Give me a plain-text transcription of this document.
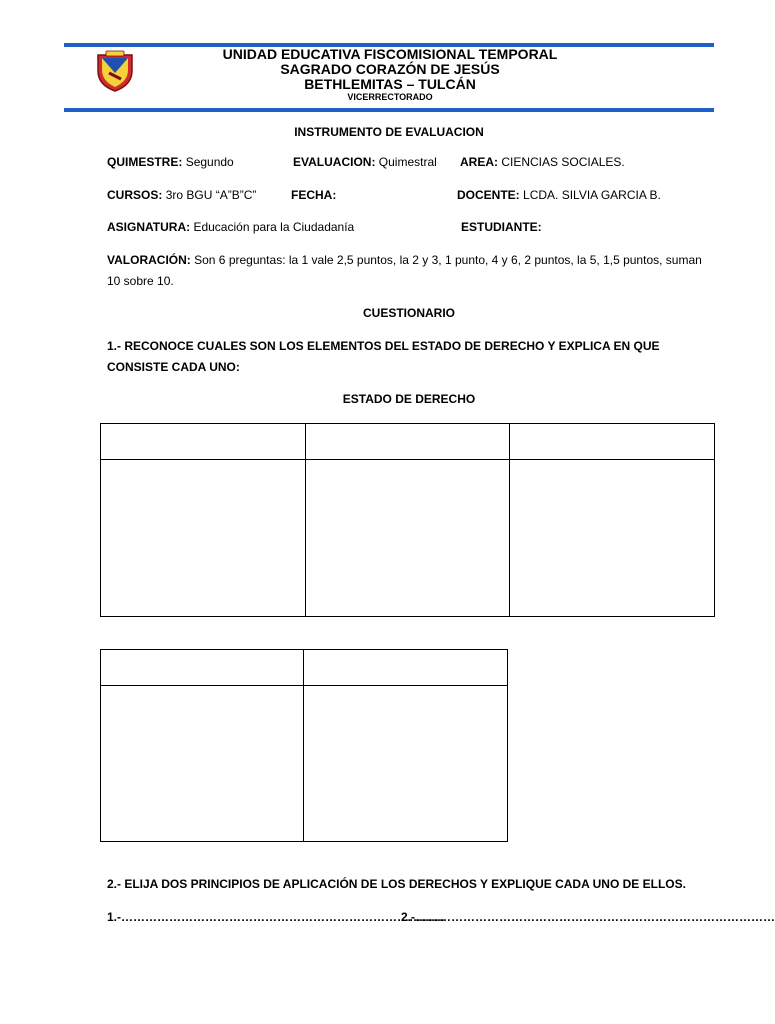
UNIDAD EDUCATIVA FISCOMISIONAL TEMPORAL
SAGRADO CORAZÓN DE JESÚS
BETHLEMITAS – TULCÁN
VICERRECTORADO
INSTRUMENTO DE EVALUACION
QUIMESTRE: Segundo	EVALUACION: Quimestral AREA: CIENCIAS SOCIALES.
CURSOS: 3ro BGU “A”B”C”	FECHA:	DOCENTE: LCDA. SILVIA GARCIA B.
ASIGNATURA: Educación para la Ciudadanía	ESTUDIANTE:
VALORACIÓN: Son 6 preguntas: la 1 vale 2,5 puntos, la 2 y 3, 1 punto, 4 y 6, 2 puntos, la 5, 1,5 puntos, suman 10 sobre 10.
CUESTIONARIO
1.- RECONOCE CUALES SON LOS ELEMENTOS DEL ESTADO DE DERECHO Y EXPLICA EN QUE CONSISTE CADA UNO:
ESTADO DE DERECHO

2.- ELIJA DOS PRINCIPIOS DE APLICACIÓN DE LOS DERECHOS Y EXPLIQUE CADA UNO DE ELLOS.
1.-………………………………………………………………………
2.-………………………………………………………………………………
